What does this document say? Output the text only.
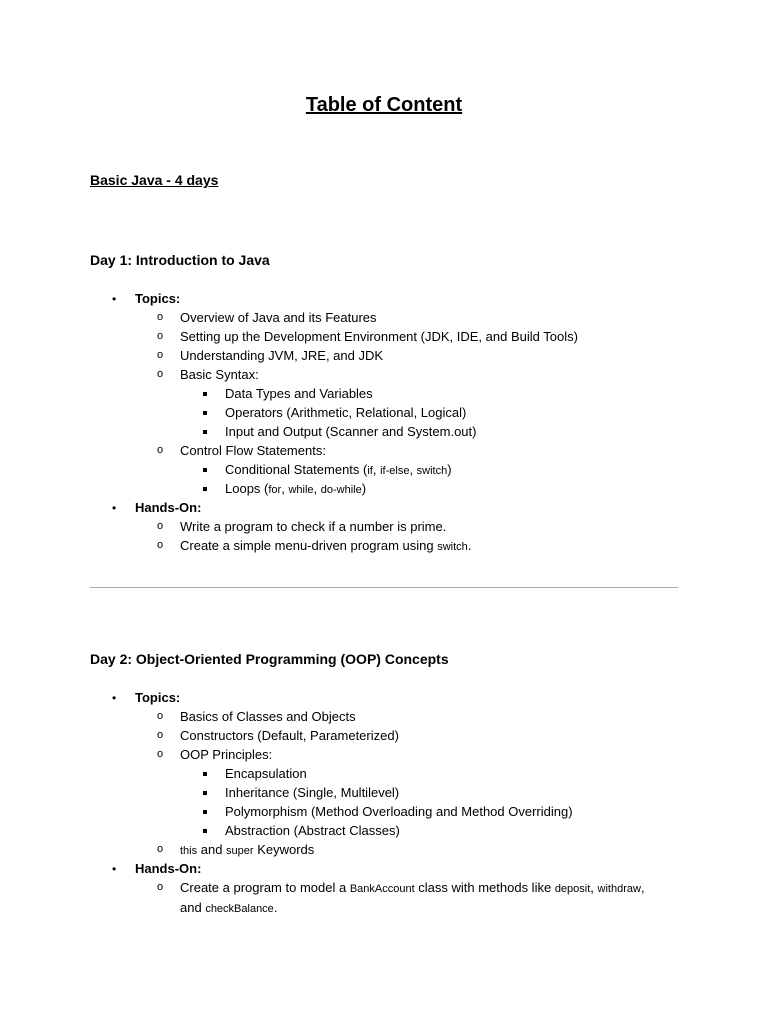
Table of Content
Basic Java - 4 days
Day 1: Introduction to Java
• Topics:
o Overview of Java and its Features
o Setting up the Development Environment (JDK, IDE, and Build Tools)
o Understanding JVM, JRE, and JDK
o Basic Syntax:
Data Types and Variables
Operators (Arithmetic, Relational, Logical)
Input and Output (Scanner and System.out)
o Control Flow Statements:
Conditional Statements (if, if-else, switch)
Loops (for, while, do-while)
• Hands-On:
o Write a program to check if a number is prime.
o Create a simple menu-driven program using switch.
Day 2: Object-Oriented Programming (OOP) Concepts
• Topics:
o Basics of Classes and Objects
o Constructors (Default, Parameterized)
o OOP Principles:
Encapsulation
Inheritance (Single, Multilevel)
Polymorphism (Method Overloading and Method Overriding)
Abstraction (Abstract Classes)
o this and super Keywords
• Hands-On:
o Create a program to model a BankAccount class with methods like deposit, withdraw,
and checkBalance.
